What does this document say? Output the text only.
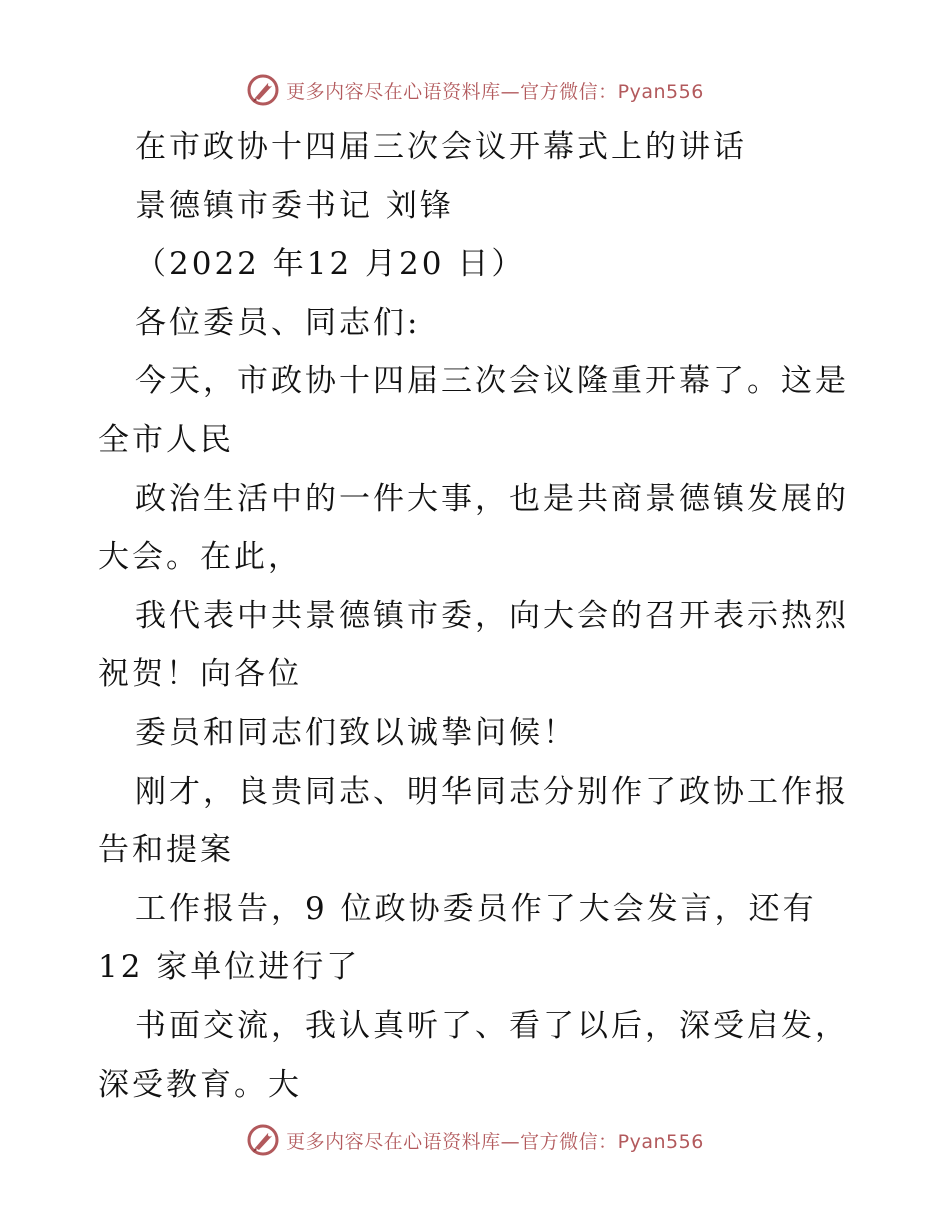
更多内容尽在心语资料库—官方微信：Pyan556
在市政协十四届三次会议开幕式上的讲话
景德镇市委书记 刘锋
（2022 年12 月20 日）
各位委员、同志们:
今天，市政协十四届三次会议隆重开幕了。这是
全市人民
政治生活中的一件大事，也是共商景德镇发展的
大会。在此，
我代表中共景德镇市委，向大会的召开表示热烈
祝贺！向各位
委员和同志们致以诚挚问候！
刚才，良贵同志、明华同志分别作了政协工作报
告和提案
工作报告，9 位政协委员作了大会发言，还有
12 家单位进行了
书面交流，我认真听了、看了以后，深受启发，
深受教育。大
更多内容尽在心语资料库—官方微信：Pyan556
